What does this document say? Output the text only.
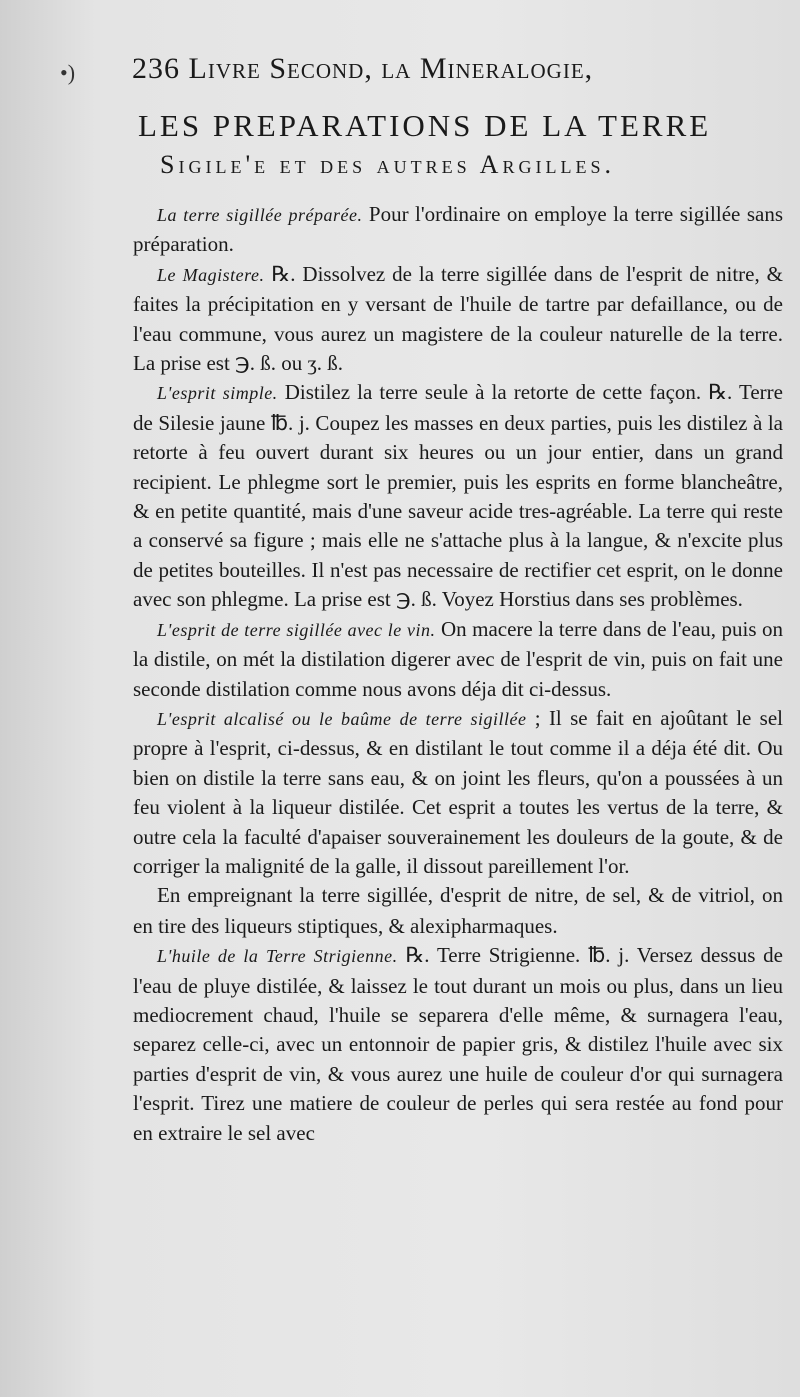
•) 236 Livre Second, la Mineralogie,
LES PREPARATIONS DE LA TERRE
Sigile'e et des autres Argilles.

La terre sigillée préparée. Pour l'ordinaire on employe la terre sigillée sans préparation.

Le Magistere. ℞. Dissolvez de la terre sigillée dans de l'esprit de nitre, & faites la précipitation en y versant de l'huile de tartre par defaillance, ou de l'eau commune, vous aurez un magistere de la couleur naturelle de la terre. La prise est ℈. ß. ou ʒ. ß.

L'esprit simple. Distilez la terre seule à la retorte de cette façon. ℞. Terre de Silesie jaune ℔. j. Coupez les masses en deux parties, puis les distilez à la retorte à feu ouvert durant six heures ou un jour entier, dans un grand recipient. Le phlegme sort le premier, puis les esprits en forme blancheâtre, & en petite quantité, mais d'une saveur acide tres-agréable. La terre qui reste a conservé sa figure ; mais elle ne s'attache plus à la langue, & n'excite plus de petites bouteilles. Il n'est pas necessaire de rectifier cet esprit, on le donne avec son phlegme. La prise est ℈. ß. Voyez Horstius dans ses problèmes.

L'esprit de terre sigillée avec le vin. On macere la terre dans de l'eau, puis on la distile, on mét la distilation digerer avec de l'esprit de vin, puis on fait une seconde distilation comme nous avons déja dit ci-dessus.

L'esprit alcalisé ou le baûme de terre sigillée ; Il se fait en ajoûtant le sel propre à l'esprit, ci-dessus, & en distilant le tout comme il a déja été dit. Ou bien on distile la terre sans eau, & on joint les fleurs, qu'on a poussées à un feu violent à la liqueur distilée. Cet esprit a toutes les vertus de la terre, & outre cela la faculté d'apaiser souverainement les douleurs de la goute, & de corriger la malignité de la galle, il dissout pareillement l'or.

En empreignant la terre sigillée, d'esprit de nitre, de sel, & de vitriol, on en tire des liqueurs stiptiques, & alexipharmaques.

L'huile de la Terre Strigienne. ℞. Terre Strigienne. ℔. j. Versez dessus de l'eau de pluye distilée, & laissez le tout durant un mois ou plus, dans un lieu mediocrement chaud, l'huile se separera d'elle même, & surnagera l'eau, separez celle-ci, avec un entonnoir de papier gris, & distilez l'huile avec six parties d'esprit de vin, & vous aurez une huile de couleur d'or qui surnagera l'esprit. Tirez une matiere de couleur de perles qui sera restée au fond pour en extraire le sel avec
